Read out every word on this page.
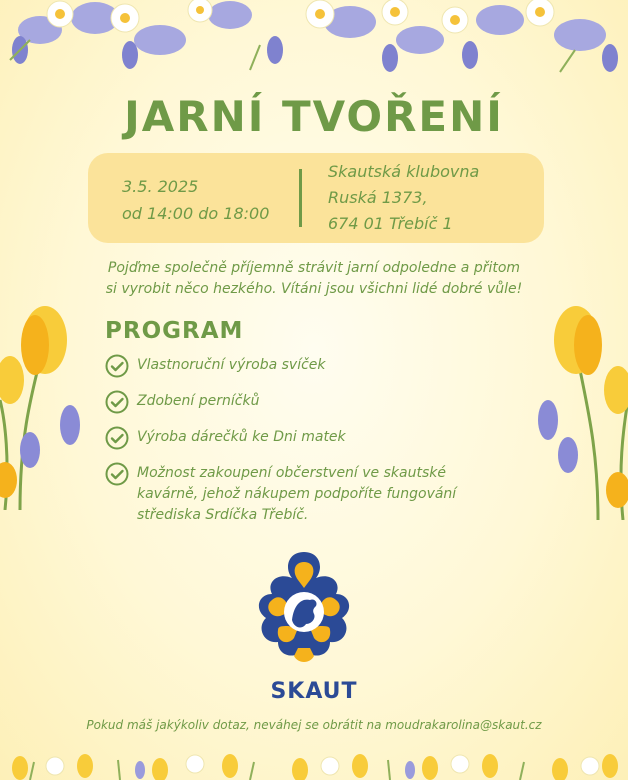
JARNÍ TVOŘENÍ
3.5. 2025
od 14:00 do 18:00
Skautská klubovna
Ruská 1373,
674 01 Třebíč 1
Pojďme společně příjemně strávit jarní odpoledne a přitom
si vyrobit něco hezkého. Vítáni jsou všichni lidé dobré vůle!
PROGRAM
Vlastnoruční výroba svíček
Zdobení perníčků
Výroba dárečků ke Dni matek
Možnost zakoupení občerstvení ve skautské
kavárně, jehož nákupem podpoříte fungování
střediska Srdíčka Třebíč.
SKAUT
Pokud máš jakýkoliv dotaz, neváhej se obrátit na moudrakarolina@skaut.cz
